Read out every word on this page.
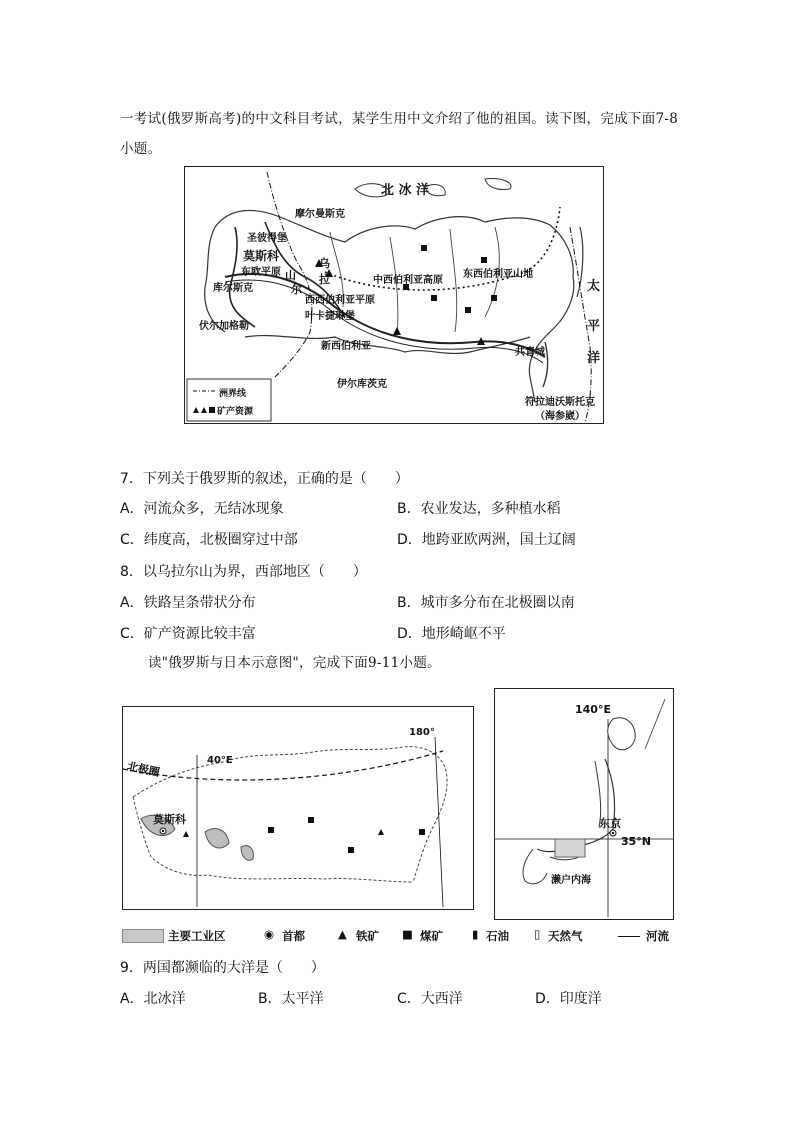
一考试(俄罗斯高考)的中文科目考试，某学生用中文介绍了他的祖国。读下图，完成下面7-8
小题。
北 冰 洋
太
平
洋
摩尔曼斯克
圣彼得堡
莫斯科
东欧平原
库尔斯克
乌
拉
尔
山	中西伯利亚高原
东西伯利亚山地
西西伯利亚平原
叶卡捷琳堡
伏尔加格勒
新西伯利亚
伊尔库茨克
共青城
符拉迪沃斯托克
（海参崴）
洲界线
矿产资源
7．下列关于俄罗斯的叙述，正确的是（　　）
A．河流众多，无结冰现象	B．农业发达，多种植水稻
C．纬度高，北极圈穿过中部	D．地跨亚欧两洲，国土辽阔
8．以乌拉尔山为界，西部地区（　　）
A．铁路呈条带状分布	B．城市多分布在北极圈以南
C．矿产资源比较丰富	D．地形崎岖不平
读"俄罗斯与日本示意图"，完成下面9-11小题。
北极圈	40°E
180°
莫斯科
140°E
35°N
东京
濑户内海
主要工业区	◉ 首都	▲ 铁矿 ■ 煤矿	▮ 石油 ▯ 天然气	河流
9．两国都濒临的大洋是（　　）
A．北冰洋	B．太平洋	C．大西洋	D．印度洋
